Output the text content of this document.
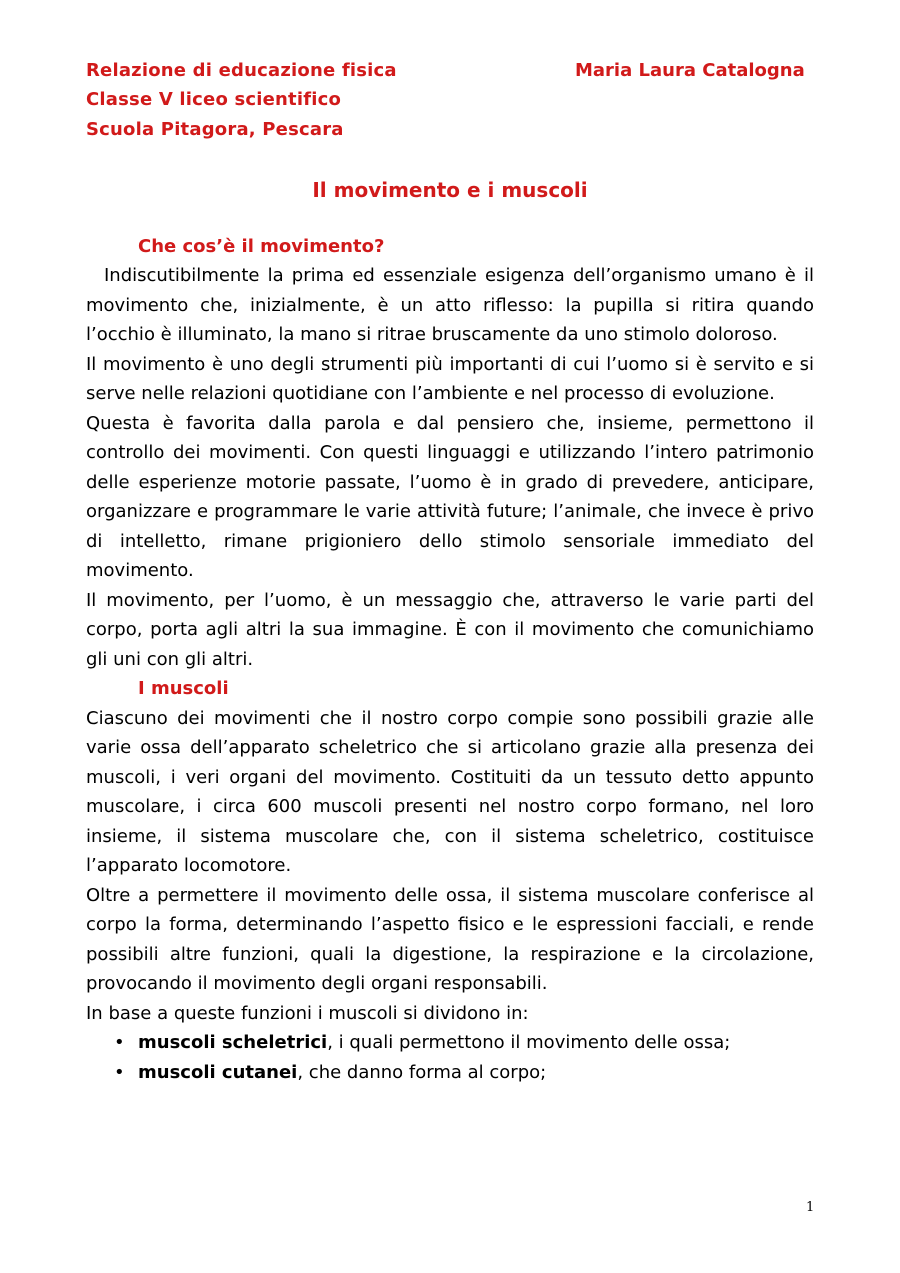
Relazione di educazione fisica	Maria Laura Catalogna
Classe V liceo scientifico
Scuola Pitagora, Pescara
Il movimento e i muscoli
Che cos’è il movimento?

Indiscutibilmente la prima ed essenziale esigenza dell’organismo umano è il movimento che, inizialmente, è un atto riflesso: la pupilla si ritira quando l’occhio è illuminato, la mano si ritrae bruscamente da uno stimolo doloroso.

Il movimento è uno degli strumenti più importanti di cui l’uomo si è servito e si serve nelle relazioni quotidiane con l’ambiente e nel processo di evoluzione.

Questa è favorita dalla parola e dal pensiero che, insieme, permettono il controllo dei movimenti. Con questi linguaggi e utilizzando l’intero patrimonio delle esperienze motorie passate, l’uomo è in grado di prevedere, anticipare, organizzare e programmare le varie attività future; l’animale, che invece è privo di intelletto, rimane prigioniero dello stimolo sensoriale immediato del movimento.

Il movimento, per l’uomo, è un messaggio che, attraverso le varie parti del corpo, porta agli altri la sua immagine. È con il movimento che comunichiamo gli uni con gli altri.

I muscoli

Ciascuno dei movimenti che il nostro corpo compie sono possibili grazie alle varie ossa dell’apparato scheletrico che si articolano grazie alla presenza dei muscoli, i veri organi del movimento. Costituiti da un tessuto detto appunto muscolare, i circa 600 muscoli presenti nel nostro corpo formano, nel loro insieme, il sistema muscolare che, con il sistema scheletrico, costituisce l’apparato locomotore.

Oltre a permettere il movimento delle ossa, il sistema muscolare conferisce al corpo la forma, determinando l’aspetto fisico e le espressioni facciali, e rende possibili altre funzioni, quali la digestione, la respirazione e la circolazione, provocando il movimento degli organi responsabili.

In base a queste funzioni i muscoli si dividono in:

• muscoli scheletrici, i quali permettono il movimento delle ossa;
• muscoli cutanei, che danno forma al corpo;
1
